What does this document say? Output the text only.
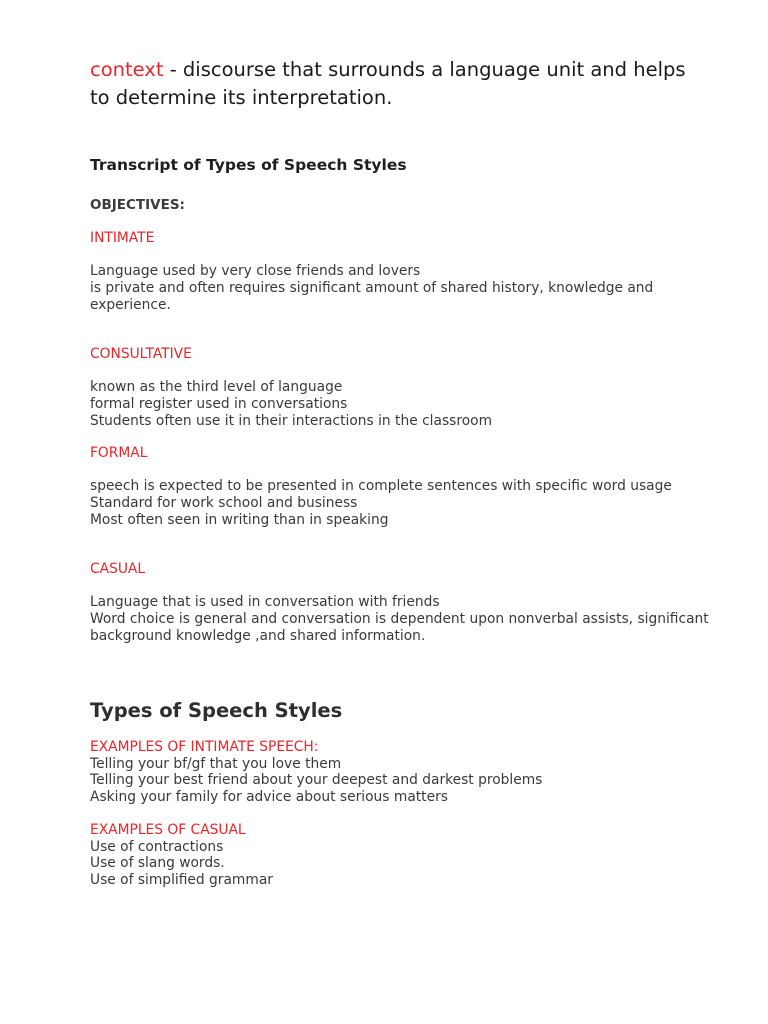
context - discourse that surrounds a language unit and helps to determine its interpretation.
Transcript of Types of Speech Styles
OBJECTIVES:
INTIMATE
Language used by very close friends and lovers
is private and often requires significant amount of shared history, knowledge and experience.
CONSULTATIVE
known as the third level of language
formal register used in conversations
Students often use it in their interactions in the classroom
FORMAL
speech is expected to be presented in complete sentences with specific word usage
Standard for work school and business
Most often seen in writing than in speaking
CASUAL
Language that is used in conversation with friends
Word choice is general and conversation is dependent upon nonverbal assists, significant background knowledge ,and shared information.
Types of Speech Styles
EXAMPLES OF INTIMATE SPEECH:
Telling your bf/gf that you love them
Telling your best friend about your deepest and darkest problems
Asking your family for advice about serious matters
EXAMPLES OF CASUAL
Use of contractions
Use of slang words.
Use of simplified grammar
